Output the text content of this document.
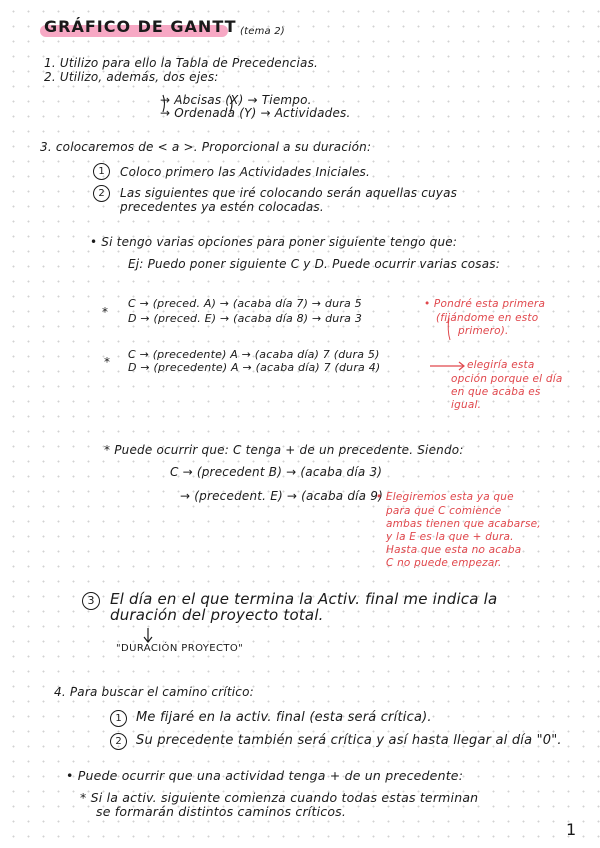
GRÁFICO DE GANTT (tema 2)
1. Utilizo para ello la Tabla de Precedencias.
2. Utilizo, además, dos ejes:
→ Abcisas (X) → Tiempo.
→ Ordenada (Y) → Actividades.
3. colocaremos de < a >. Proporcional a su duración:
1	Coloco primero las Actividades Iniciales.
2	Las siguientes que iré colocando serán aquellas cuyas
precedentes ya estén colocadas.
• Si tengo varias opciones para poner siguiente tengo que:
Ej: Puedo poner siguiente C y D. Puede ocurrir varias cosas:
*
C → (preced. A) → (acaba día 7) → dura 5
D → (preced. E) → (acaba día 8) → dura 3
• Pondré esta primera
(fijándome en esto
primero).
*
C → (precedente) A → (acaba día) 7 (dura 5)
D → (precedente) A → (acaba día) 7 (dura 4)	elegiría esta
opción porque el día
en que acaba es
igual.
* Puede ocurrir que: C tenga + de un precedente. Siendo:
C → (precedent B) → (acaba día 3)
→ (precedent. E) → (acaba día 9)
• Elegiremos esta ya que
para que C comience
ambas tienen que acabarse,
y la E es la que + dura.
Hasta que esta no acaba
C no puede empezar.
3	El día en el que termina la Activ. final me indica la
duración del proyecto total.
"DURACIÓN PROYECTO"
4. Para buscar el camino crítico:
1	Me fijaré en la activ. final (esta será crítica).
2	Su precedente también será crítica y así hasta llegar al día "0".
• Puede ocurrir que una actividad tenga + de un precedente:
* Si la activ. siguiente comienza cuando todas estas terminan
se formarán distintos caminos críticos.
1
